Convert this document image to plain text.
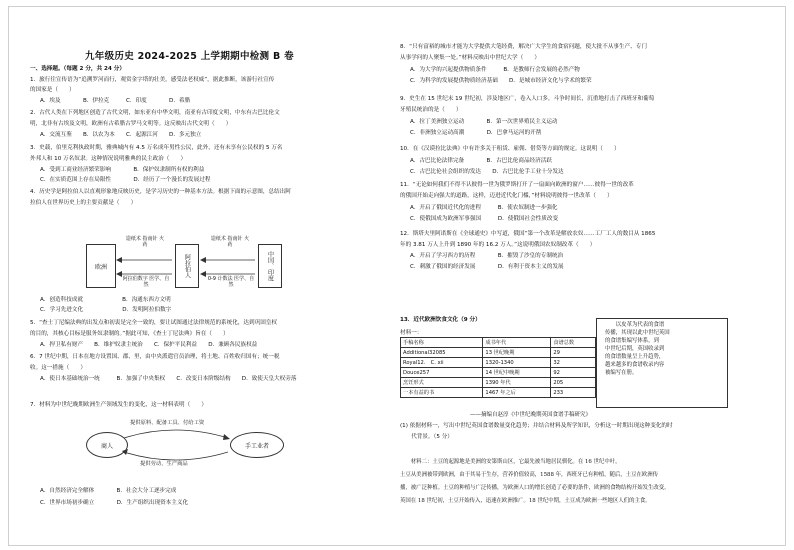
九年级历史 2024-2025 上学期期中检测 B 卷
一、选择题。（每题 2 分，共 24 分）
1．旅行往宣传语为“追溯罗河而行，观赏金字塔的壮美，感受法老权威”，据此推断，该游行社宣传
的国家是（　　）
A．埃及　　　　B．伊拉克　　　C．印度　　　　D．希腊
2．古代人类在下列地区创造了古代文明，如东亚有中华文明，南亚有古印度文明，中东有古巴比伦文
明，北非有古埃及文明，欧洲有古希腊古罗马文明等。这反映出古代文明（　　）
A．交流互鉴　　B．以农为本　　C．起源江河　　D．多元独立
3．史载，伯里克利执政时期，雅典城内有 4.5 万名成年男性公民，此外，还有未享有公民权的 5 万名
外邦人和 10 万名奴隶。这种情况说明雅典的民主政治（　　）
A．受到工商业经济繁荣影响　　　　B．保护奴隶制所有权的利益
C．在实质范围上存在局限性　　　　D．经历了一个漫长的发展过程
4．历史学是阿拉伯人以直观形象地反映历史，是学习历史的一种基本方法。根据下面的示意图，总结出阿
拉伯人在世界历史上的主要贡献是（　　）
A．创造科技成就　　　　　　　B．沟通东西方文明
C．学习先进文化　　　　　　　D．发明阿拉伯数字
5．“查士丁尼编法典的出发点和初衷是完全一致的，要让试图通过法律规范的系统化，达到巩固皇权
的目的，其核心目标是服务奴隶制的。”据此可知，《查士丁尼法典》旨在（　　）
A．捍卫私有财产　　B．维护奴隶主统治　　C．保护平民利益　　D．兼顾各民族权益
6．7 世纪中期，日本在地方设置国、郡、里，由中央派遣官员治理，将土地、百姓收归国有；统一税
收。这一措施（　　）
A．使日本基础统治一统　　　B．加强了中央集权　　C．改变日本阶级结构　　D．致使天皇大权旁落
7．材料为中世纪晚期欧洲生产领域发生的变化，这一材料表明（　　）
A．自然经济完全解体　　　　B．社会大分工逐步完成
C．世界市场初步确立　　　　D．生产组织出现资本主义化
欧洲	阿拉伯人	中国、印度
造纸术 指南针 火药
造纸术 指南针 火药
阿拉伯数字 医学、自然
0-9 计数法 医学、自然
商人	手工业者
提供原料、配备工具、付给工资
提供劳动、生产商品
8．“只有富裕的城市才能为大学提供大笔经费，解决广大学生的食宿问题，使大批不从事生产、专门
从事学问的人聚集一处。”材料反映出中世纪大学（　　）
A．为大学的兴起提供物质条件　　　B．是教师行会发展的必然产物
C．为科学的发展提供物质经济基础　　D．是城市经济文化与学术的繁荣
9．史生在 15 世纪末 19 世纪初，涉及地区广，卷入人口多，斗争时间长，沉重地打击了西班牙和葡萄
牙殖民统治的是（　　）
A．拉丁美洲独立运动　　　　B．第一次世界殖民主义运动
C．非洲独立运动高潮　　　　D．巴拿马运河的开凿
10．在《汉谟拉比法典》中有许多关于租赁、雇佣、借贷等方面的规定。这说明（　　）
A．古巴比伦法律完备　　　　B．古巴比伦商品经济活跃
C．古巴比伦社会组织的发达　　D．古巴比伦手工业十分发达
11．“无论如何我们不得不认彼得一世为俄罗斯打开了一扇面向欧洲的窗户……彼得一世的改革
的俄国开始走向强大的道路，这样，迈进近代化门槛，”材料说明彼得一世改革（　　）
A．开启了俄国近代化的进程　　　B．使农奴制进一步强化
C．使俄国成为欧洲军事强国　　　D．使俄国社会性质改变
12．斯塔夫里阿诺斯在《全球通史》中写道，俄国“第一个改革是解放农奴……工厂工人的数目从 1865
年的 3.81 万人上升到 1890 年的 16.2 万人。”这说明俄国农奴制改革（　　）
A．开启了学习西方的历程　　　　B．摧毁了沙皇的专制统治
C．刺激了俄国的经济发展　　　　D．有利于资本主义的发展
13．近代欧洲饮食文化（9 分）
材料一：
手稿名称	成书年代	食谱总数
Additional32085	13 世纪晚期	29
Royal12.　C. xii	1320-1340	32
Douce257	14 世纪中晚期	92
烹饪形式	1390 年代	205
一本有益的书	1467 年之后	233
　　以皮革为代表的食谱
传播，其现以此中世纪英国
的食谱集编写体系，到
中世纪后期，英国收录到
的食谱数量呈上升趋势，
越来越多的食谱收录内容
被编写在册。
——摘编自赵淳《中世纪晚期英国食谱手稿研究》
(1) 依据材料一，写出中世纪英国食谱数量变化趋势；并结合材料及所学知识，分析这一时期出现这种变化的时
　　代背景。（5 分）
　　材料二：土豆的起源地是美洲的安第斯山区，它最先被当地居民驯化。在 16 世纪中叶，
土豆从美洲被带到欧洲，由于其易于生存，营养价值较高，1588 年，西班牙已有种植，随后，土豆在欧洲传
播，被广泛种植。土豆的种植与广泛传播，为欧洲人口的增长创造了必要的条件，欧洲的食物结构开始发生改变。
英国在 18 世纪初，土豆开始传入，迅速在欧洲推广。18 世纪中期，土豆成为欧洲一些地区人们的主食。
